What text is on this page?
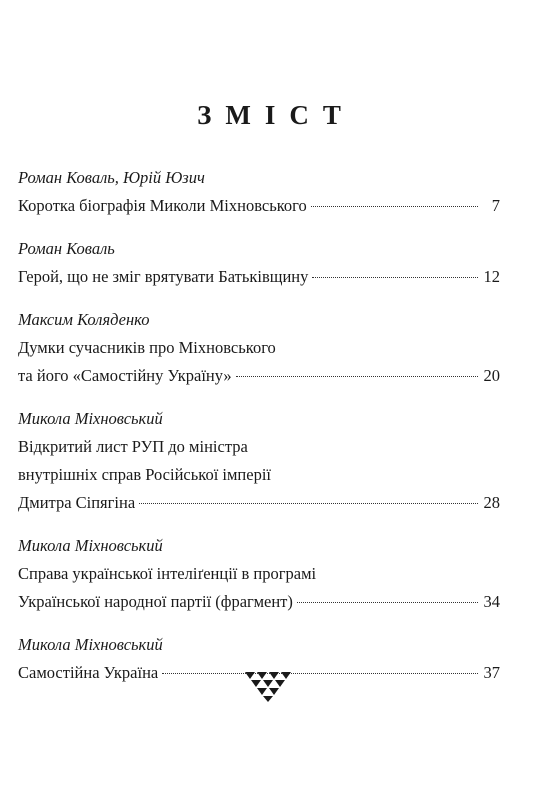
ЗМІСТ
Роман Коваль, Юрій Юзич
Коротка біографія Миколи Міхновського	7
Роман Коваль
Герой, що не зміг врятувати Батьківщину	12
Максим Коляденко
Думки сучасників про Міхновського
та його «Самостійну Україну»	20
Микола Міхновський
Відкритий лист РУП до міністра
внутрішніх справ Російської імперії
Дмитра Сіпягіна	28
Микола Міхновський
Справа української інтеліґенції в програмі
Української народної партії (фрагмент)	34
Микола Міхновський
Самостійна Україна	37
